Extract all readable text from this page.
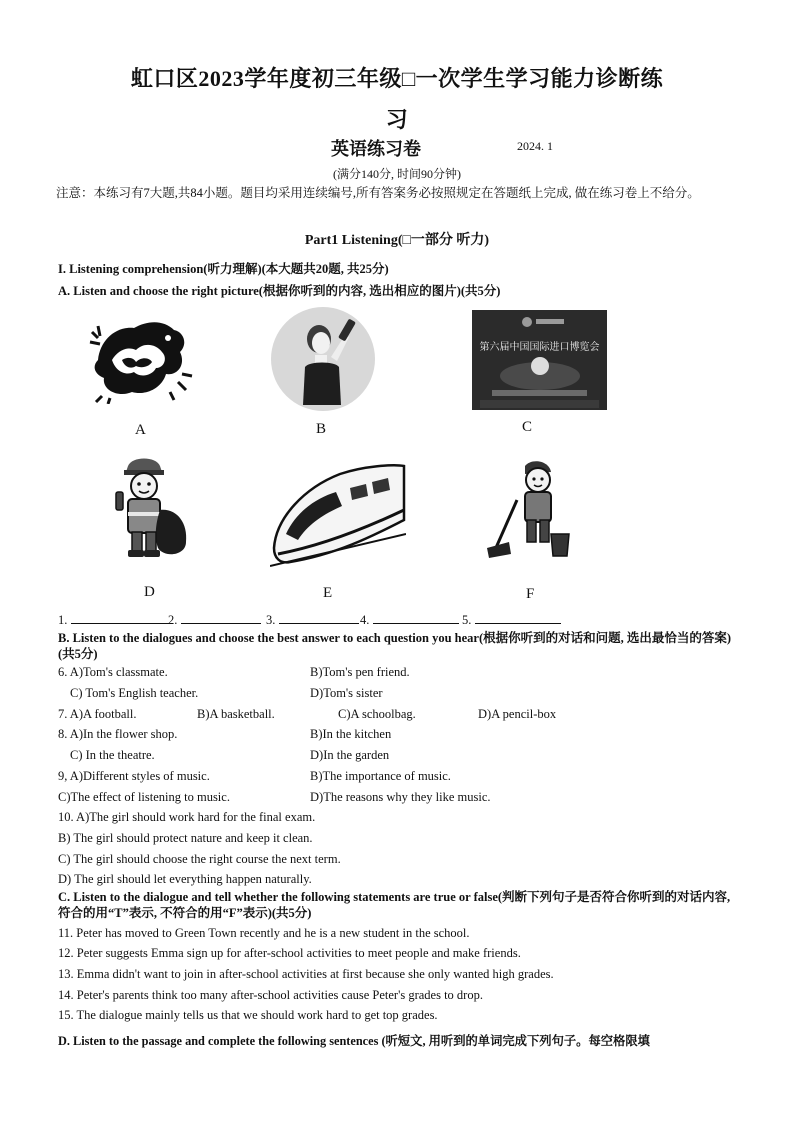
虹口区2023学年度初三年级□一次学生学习能力诊断练
习
英语练习卷	2024. 1
(满分140分, 时间90分钟)
注意：本练习有7大题,共84小题。题目均采用连续编号,所有答案务必按照规定在答题纸上完成, 做在练习卷上不给分。
Part1 Listening(□一部分 听力)
I. Listening comprehension(听力理解)(本大题共20题, 共25分)
A. Listen and choose the right picture(根据你听到的内容, 选出相应的图片)(共5分)
A	B
第六届中国国际进口博览会
C
D	E	F
1.	2.	3.	4.	5.
B. Listen to the dialogues and choose the best answer to each question you hear(根据你听到的对话和问题, 选出最恰当的答案)(共5分)
6. A)Tom's classmate.	B)Tom's pen friend.
C) Tom's English teacher.	D)Tom's sister
7. A)A football.	B)A basketball.	C)A schoolbag.	D)A pencil-box
8. A)In the flower shop.	B)In the kitchen
C) In the theatre.	D)In the garden
9, A)Different styles of music.	B)The importance of music.
C)The effect of listening to music.	D)The reasons why they like music.
10. A)The girl should work hard for the final exam.
B) The girl should protect nature and keep it clean.
C) The girl should choose the right course the next term.
D) The girl should let everything happen naturally.
C. Listen to the dialogue and tell whether the following statements are true or false(判断下列句子是否符合你听到的对话内容, 符合的用“T”表示, 不符合的用“F”表示)(共5分)
11. Peter has moved to Green Town recently and he is a new student in the school.
12. Peter suggests Emma sign up for after-school activities to meet people and make friends.
13. Emma didn't want to join in after-school activities at first because she only wanted high grades.
14. Peter's parents think too many after-school activities cause Peter's grades to drop.
15. The dialogue mainly tells us that we should work hard to get top grades.
D. Listen to the passage and complete the following sentences (听短文, 用听到的单词完成下列句子。每空格限填
